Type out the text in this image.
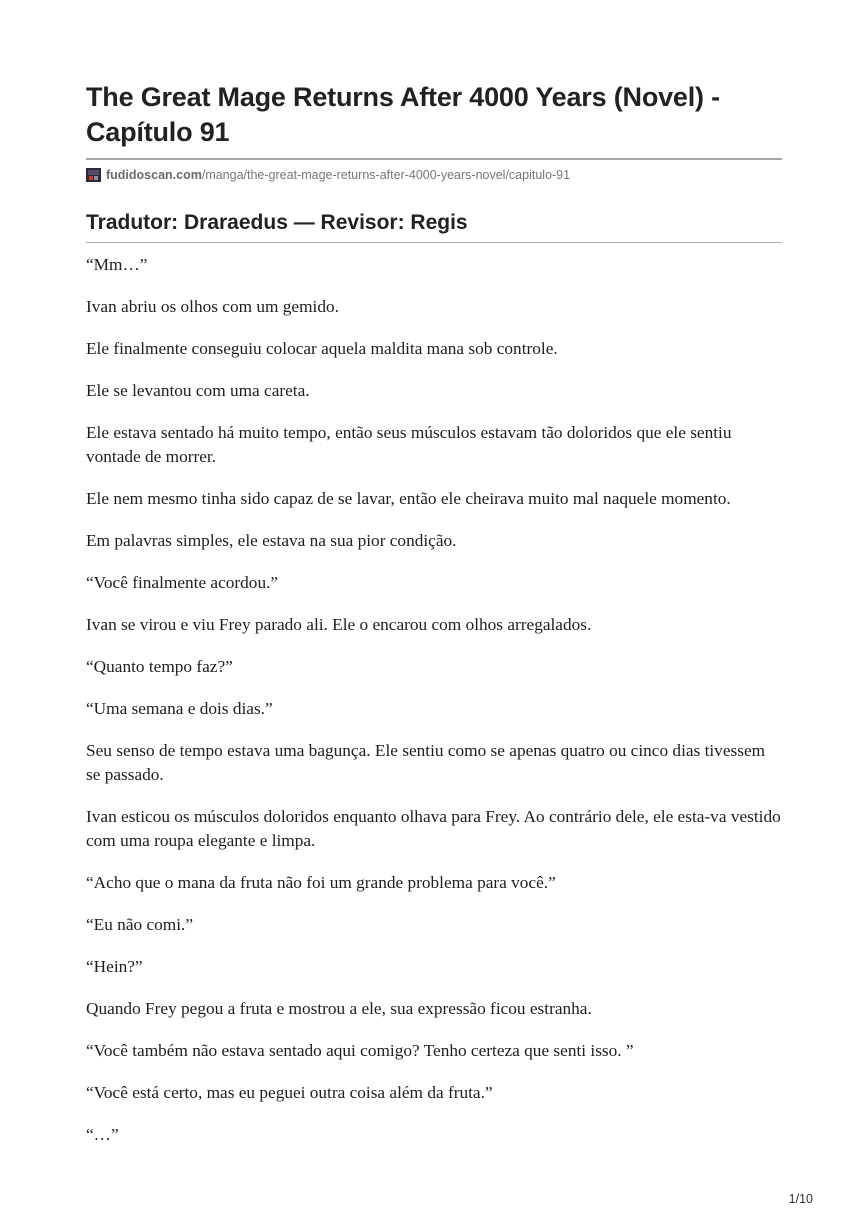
The Great Mage Returns After 4000 Years (Novel) - Capítulo 91
fudidoscan.com /manga/the-great-mage-returns-after-4000-years-novel/capitulo-91
Tradutor: Draraedus — Revisor: Regis

“Mm…”

Ivan abriu os olhos com um gemido.

Ele finalmente conseguiu colocar aquela maldita mana sob controle.

Ele se levantou com uma careta.

Ele estava sentado há muito tempo, então seus músculos estavam tão doloridos que ele sentiu vontade de morrer.

Ele nem mesmo tinha sido capaz de se lavar, então ele cheirava muito mal naquele momento.

Em palavras simples, ele estava na sua pior condição.

“Você finalmente acordou.”

Ivan se virou e viu Frey parado ali. Ele o encarou com olhos arregalados.

“Quanto tempo faz?”

“Uma semana e dois dias.”

Seu senso de tempo estava uma bagunça. Ele sentiu como se apenas quatro ou cinco dias tivessem se passado.

Ivan esticou os músculos doloridos enquanto olhava para Frey. Ao contrário dele, ele esta-va vestido com uma roupa elegante e limpa.

“Acho que o mana da fruta não foi um grande problema para você.”

“Eu não comi.”

“Hein?”

Quando Frey pegou a fruta e mostrou a ele, sua expressão ficou estranha.

“Você também não estava sentado aqui comigo? Tenho certeza que senti isso. ”

“Você está certo, mas eu peguei outra coisa além da fruta.”

“…”

1/10
